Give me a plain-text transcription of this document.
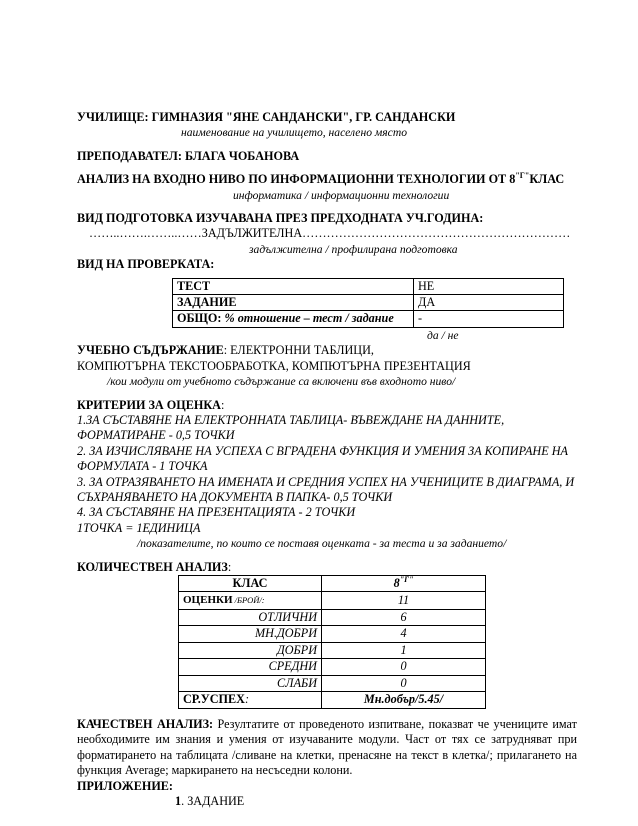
УЧИЛИЩЕ: ГИМНАЗИЯ "ЯНЕ САНДАНСКИ", ГР. САНДАНСКИ
наименование на училището, населено място
ПРЕПОДАВАТЕЛ: БЛАГА ЧОБАНОВА
АНАЛИЗ НА ВХОДНО НИВО ПО ИНФОРМАЦИОННИ ТЕХНОЛОГИИ ОТ $8^{"Г"}КЛАС$
информатика / информационни технологии
ВИД ПОДГОТОВКА ИЗУЧАВАНА ПРЕЗ ПРЕДХОДНАТА УЧ.ГОДИНА:
……..…….……..……ЗАДЪЛЖИТЕЛНА…………………………………………………………
задължителна / профилирана подготовка
ВИД НА ПРОВЕРКАТА:
ТЕСТ	НЕ
ЗАДАНИЕ	ДА
ОБЩО: % отношение – тест / задание	-
да / не
УЧЕБНО СЪДЪРЖАНИЕ: ЕЛЕКТРОННИ ТАБЛИЦИ,
КОМПЮТЪРНА ТЕКСТООБРАБОТКА, КОМПЮТЪРНА ПРЕЗЕНТАЦИЯ
/кои модули от учебното съдържание са включени във входното ниво/
КРИТЕРИИ ЗА ОЦЕНКА:
1.ЗА СЪСТАВЯНЕ НА ЕЛЕКТРОННАТА ТАБЛИЦА- ВЪВЕЖДАНЕ НА ДАННИТЕ,
ФОРМАТИРАНЕ - 0,5 ТОЧКИ
2. ЗА ИЗЧИСЛЯВАНЕ НА УСПЕХА С ВГРАДЕНА ФУНКЦИЯ И УМЕНИЯ ЗА КОПИРАНЕ НА
ФОРМУЛАТА - 1 ТОЧКА
3. ЗА ОТРАЗЯВАНЕТО НА ИМЕНАТА И СРЕДНИЯ УСПЕХ НА УЧЕНИЦИТЕ В ДИАГРАМА, И
СЪХРАНЯВАНЕТО НА ДОКУМЕНТА В ПАПКА- 0,5 ТОЧКИ
4. ЗА СЪСТАВЯНЕ НА ПРЕЗЕНТАЦИЯТА - 2 ТОЧКИ
1ТОЧКА = 1ЕДИНИЦА
/показателите, по които се поставя оценката - за теста и за заданието/
КОЛИЧЕСТВЕН АНАЛИЗ:
КЛАС	$8^{"Г"}$
ОЦЕНКИ /БРОЙ/:	11
ОТЛИЧНИ	6
МН.ДОБРИ	4
ДОБРИ	1
СРЕДНИ	0
СЛАБИ	0
СР.УСПЕХ:	Мн.добър/5.45/
КАЧЕСТВЕН АНАЛИЗ: Резултатите от проведеното изпитване, показват че учениците имат необходимите им знания и умения от изучаваните модули. Част от тях се затрудняват при форматирането на таблицата /сливане на клетки, пренасяне на текст в клетка/; прилагането на функция Average; маркирането на несъседни колони.
ПРИЛОЖЕНИЕ:
1. ЗАДАНИЕ
